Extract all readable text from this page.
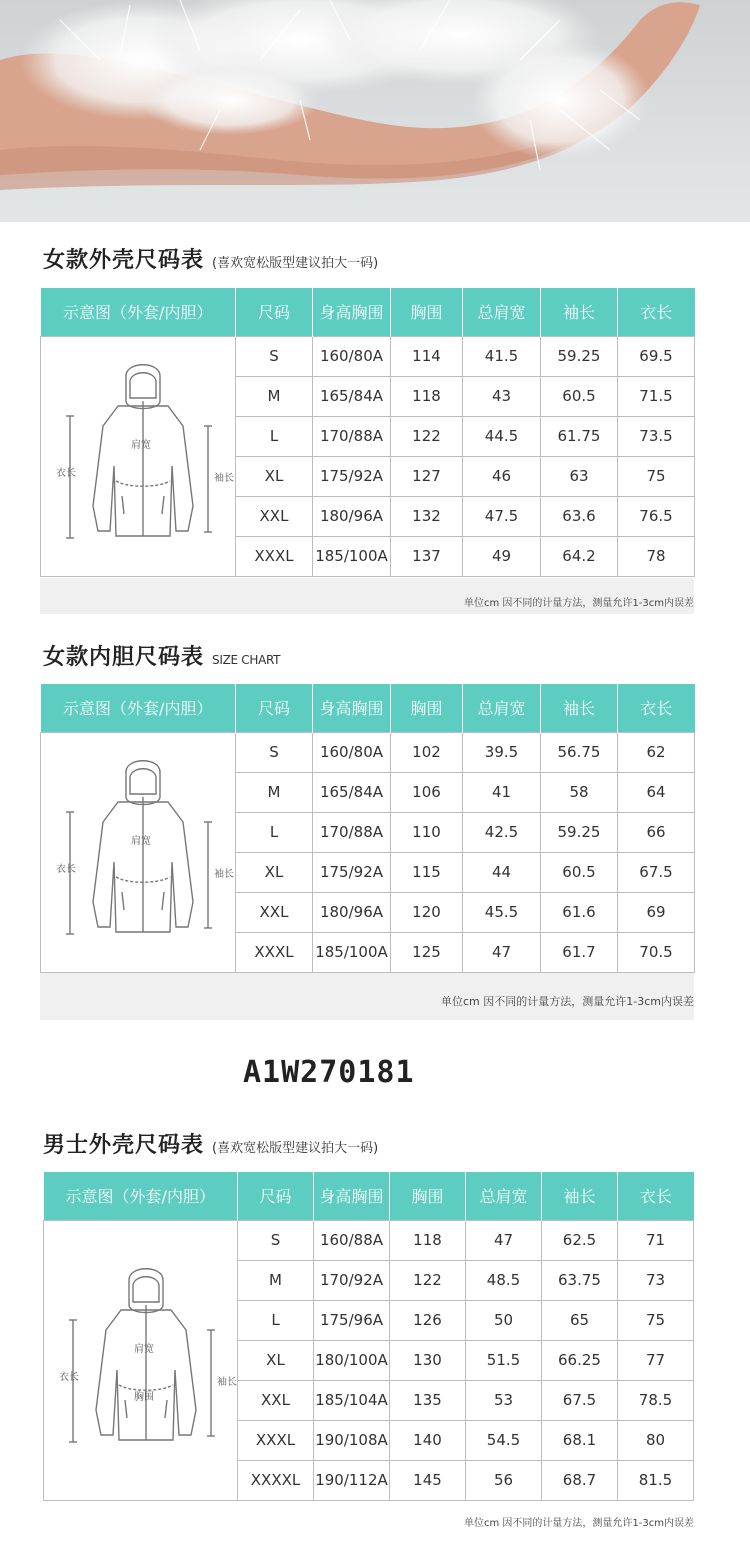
女款外壳尺码表 (喜欢宽松版型建议拍大一码)
示意图（外套/内胆）	尺码	身高胸围	胸围	总肩宽	袖长	衣长

衣长
肩宽
袖长	S	160/80A	114	41.5	59.25	69.5
	M	165/84A	118	43	60.5	71.5
	L	170/88A	122	44.5	61.75	73.5
	XL	175/92A	127	46	63	75
	XXL	180/96A	132	47.5	63.6	76.5
	XXXL	185/100A	137	49	64.2	78
单位cm 因不同的计量方法，测量允许1-3cm内误差
女款内胆尺码表 SIZE CHART
示意图（外套/内胆）	尺码	身高胸围	胸围	总肩宽	袖长	衣长

衣长
肩宽
袖长	S	160/80A	102	39.5	56.75	62
	M	165/84A	106	41	58	64
	L	170/88A	110	42.5	59.25	66
	XL	175/92A	115	44	60.5	67.5
	XXL	180/96A	120	45.5	61.6	69
	XXXL	185/100A	125	47	61.7	70.5
单位cm 因不同的计量方法，测量允许1-3cm内误差
A1W270181
男士外壳尺码表 (喜欢宽松版型建议拍大一码)
示意图（外套/内胆）	尺码	身高胸围	胸围	总肩宽	袖长	衣长

衣长
肩宽
胸围
袖长	S	160/88A	118	47	62.5	71
	M	170/92A	122	48.5	63.75	73
	L	175/96A	126	50	65	75
	XL	180/100A	130	51.5	66.25	77
	XXL	185/104A	135	53	67.5	78.5
	XXXL	190/108A	140	54.5	68.1	80
	XXXXL	190/112A	145	56	68.7	81.5
单位cm 因不同的计量方法，测量允许1-3cm内误差
